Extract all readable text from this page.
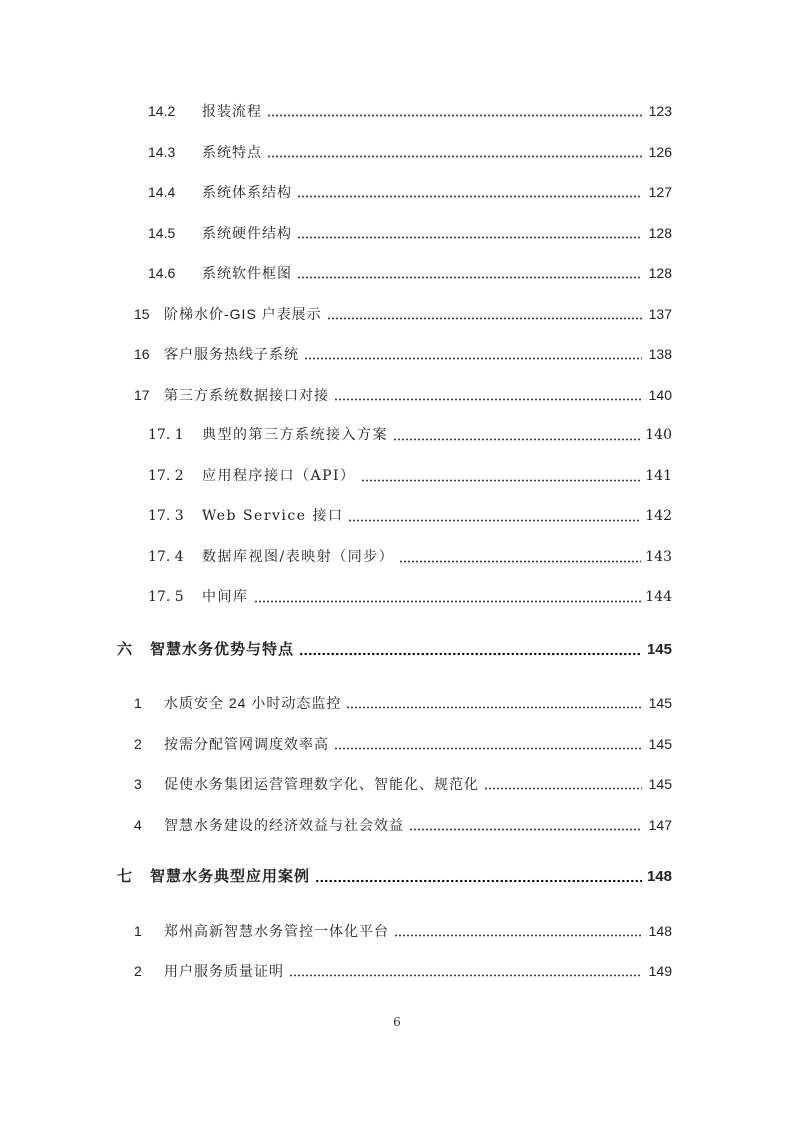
14.2	报装流程	123
14.3	系统特点	126
14.4	系统体系结构	127
14.5	系统硬件结构	128
14.6	系统软件框图	128
15	阶梯水价-GIS 户表展示	137
16	客户服务热线子系统	138
17	第三方系统数据接口对接	140
17. 1	典型的第三方系统接入方案	140
17. 2	应用程序接口（API）	141
17. 3	Web Service 接口	142
17. 4	数据库视图/表映射（同步）	143
17. 5	中间库	144
六	智慧水务优势与特点	145
1	水质安全 24 小时动态监控	145
2	按需分配管网调度效率高	145
3	促使水务集团运营管理数字化、智能化、规范化	145
4	智慧水务建设的经济效益与社会效益	147
七	智慧水务典型应用案例	148
1	郑州高新智慧水务管控一体化平台	148
2	用户服务质量证明	149
6
